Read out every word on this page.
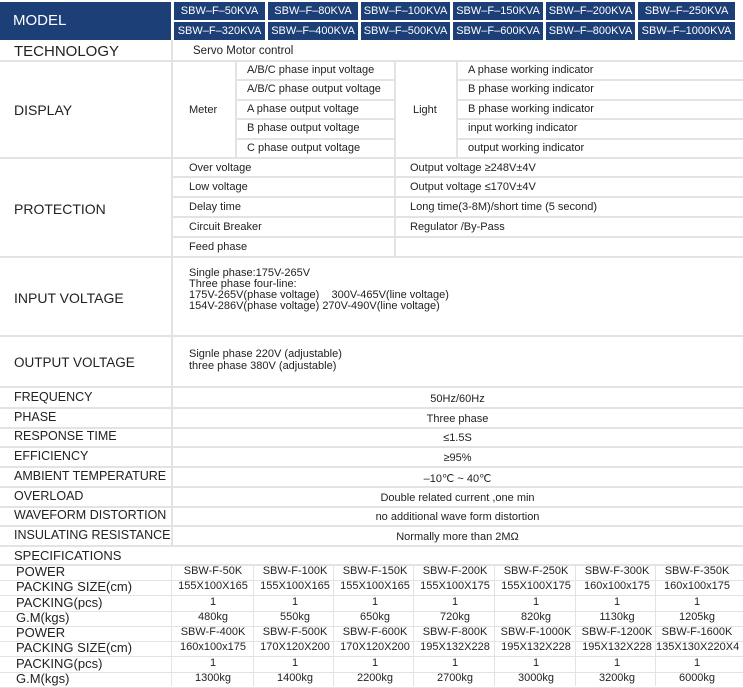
MODEL
SBW–F–50KVA	SBW–F–80KVA	SBW–F–100KVA SBW–F–150KVA SBW–F–200KVA	SBW–F–250KVA
SBW–F–320KVA SBW–F–400KVA SBW–F–500KVA SBW–F–600KVA SBW–F–800KVA SBW–F–1000KVA
TECHNOLOGY	Servo Motor control
DISPLAY	Meter	Light
A/B/C phase input voltage	A phase working indicator
A/B/C phase output voltage	B phase working indicator
A phase output voltage	B phase working indicator
B phase output voltage	input working indicator
C phase output voltage	output working indicator
PROTECTION
Over voltage	Output voltage ≥248V±4V
Low voltage	Output voltage ≤170V±4V
Delay time	Long time(3-8M)/short time (5 second)
Circuit Breaker	Regulator /By-Pass
Feed phase
INPUT VOLTAGE
Single phase:175V-265V
Three phase four-line:
175V-265V(phase voltage)    300V-465V(line voltage)
154V-286V(phase voltage) 270V-490V(line voltage)
OUTPUT VOLTAGE
Signle phase 220V (adjustable)
three phase 380V (adjustable)
FREQUENCY	50Hz/60Hz
PHASE	Three phase
RESPONSE TIME	≤1.5S
EFFICIENCY	≥95%
AMBIENT TEMPERATURE	–10℃ ~ 40℃
OVERLOAD	Double related current ,one min
WAVEFORM DISTORTION	no additional wave form distortion
INSULATING RESISTANCE	Normally more than 2MΩ
SPECIFICATIONS
POWER	SBW-F-50K	SBW-F-100K	SBW-F-150K	SBW-F-200K	SBW-F-250K	SBW-F-300K	SBW-F-350K
PACKING SIZE(cm)	155X100X165	155X100X165 155X100X165 155X100X175	155X100X175	160x100x175	160x100x175
PACKING(pcs)	1	1	1	1	1	1	1
G.M(kgs)	480kg	550kg	650kg	720kg	820kg	1130kg	1205kg
POWER	SBW-F-400K	SBW-F-500K	SBW-F-600K	SBW-F-800K	SBW-F-1000K SBW-F-1200K SBW-F-1600K
PACKING SIZE(cm)	160x100x175	170X120X200 170X120X200 195X132X228	195X132X228	195X132X228 135X130X220X4
PACKING(pcs)	1	1	1	1	1	1	1
G.M(kgs)	1300kg	1400kg	2200kg	2700kg	3000kg	3200kg	6000kg
